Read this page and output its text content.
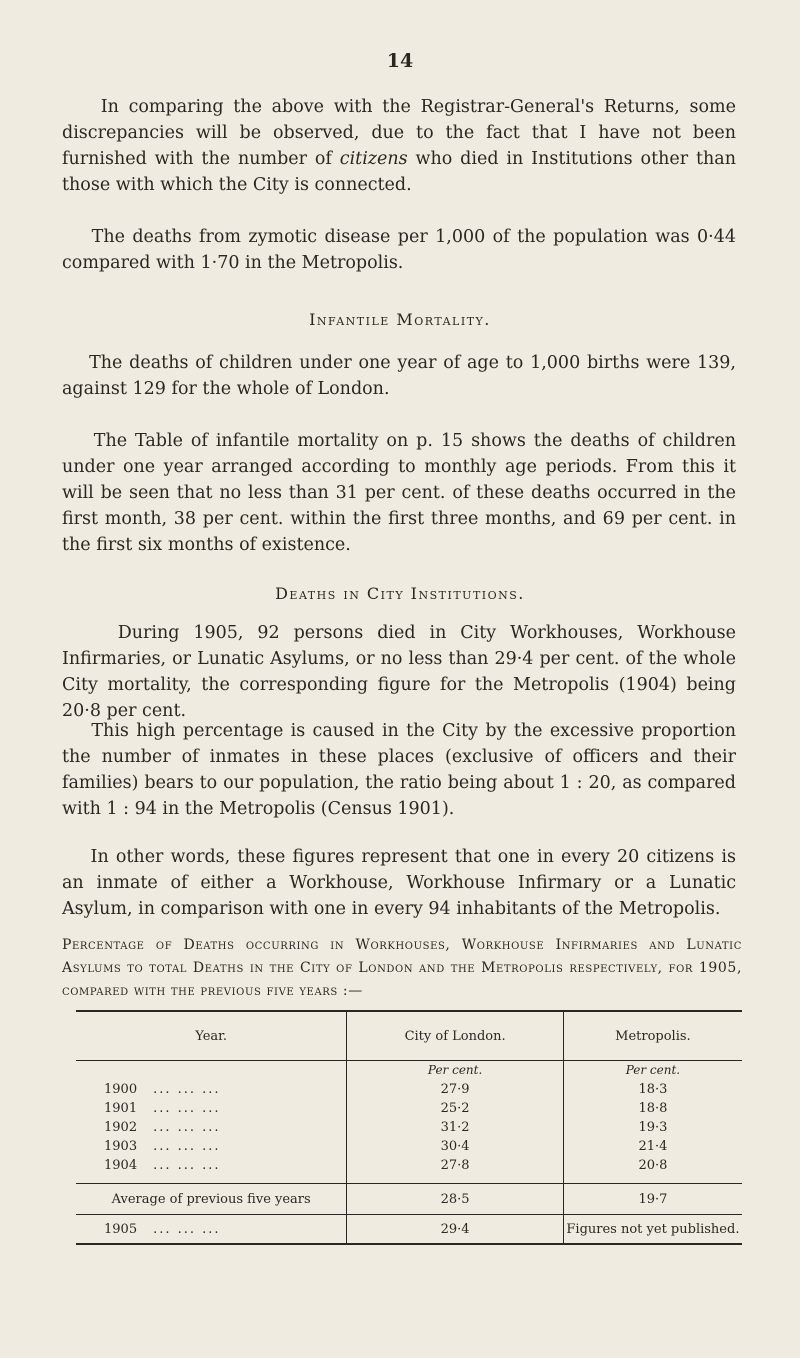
14

In comparing the above with the Registrar-General's Returns, some discrepancies will be observed, due to the fact that I have not been furnished with the number of citizens who died in Institutions other than those with which the City is connected.

The deaths from zymotic disease per 1,000 of the population was 0·44 compared with 1·70 in the Metropolis.

Infantile Mortality.

The deaths of children under one year of age to 1,000 births were 139, against 129 for the whole of London.

The Table of infantile mortality on p. 15 shows the deaths of children under one year arranged according to monthly age periods. From this it will be seen that no less than 31 per cent. of these deaths occurred in the first month, 38 per cent. within the first three months, and 69 per cent. in the first six months of existence.

Deaths in City Institutions.

During 1905, 92 persons died in City Workhouses, Workhouse Infirmaries, or Lunatic Asylums, or no less than 29·4 per cent. of the whole City mortality, the corresponding figure for the Metropolis (1904) being 20·8 per cent.

This high percentage is caused in the City by the excessive proportion the number of inmates in these places (exclusive of officers and their families) bears to our population, the ratio being about 1 : 20, as compared with 1 : 94 in the Metropolis (Census 1901).

In other words, these figures represent that one in every 20 citizens is an inmate of either a Workhouse, Workhouse Infirmary or a Lunatic Asylum, in comparison with one in every 94 inhabitants of the Metropolis.

Percentage of Deaths occurring in Workhouses, Workhouse Infirmaries and Lunatic Asylums to total Deaths in the City of London and the Metropolis respectively, for 1905, compared with the previous five years :—
Year.	City of London.	Metropolis.
	Per cent.	Per cent.
1900 ... ... ...	27·9	18·3
1901 ... ... ...	25·2	18·8
1902 ... ... ...	31·2	19·3
1903 ... ... ...	30·4	21·4
1904 ... ... ...	27·8	20·8

Average of previous five years	28·5	19·7
1905 ... ... ...	29·4	Figures not yet published.
